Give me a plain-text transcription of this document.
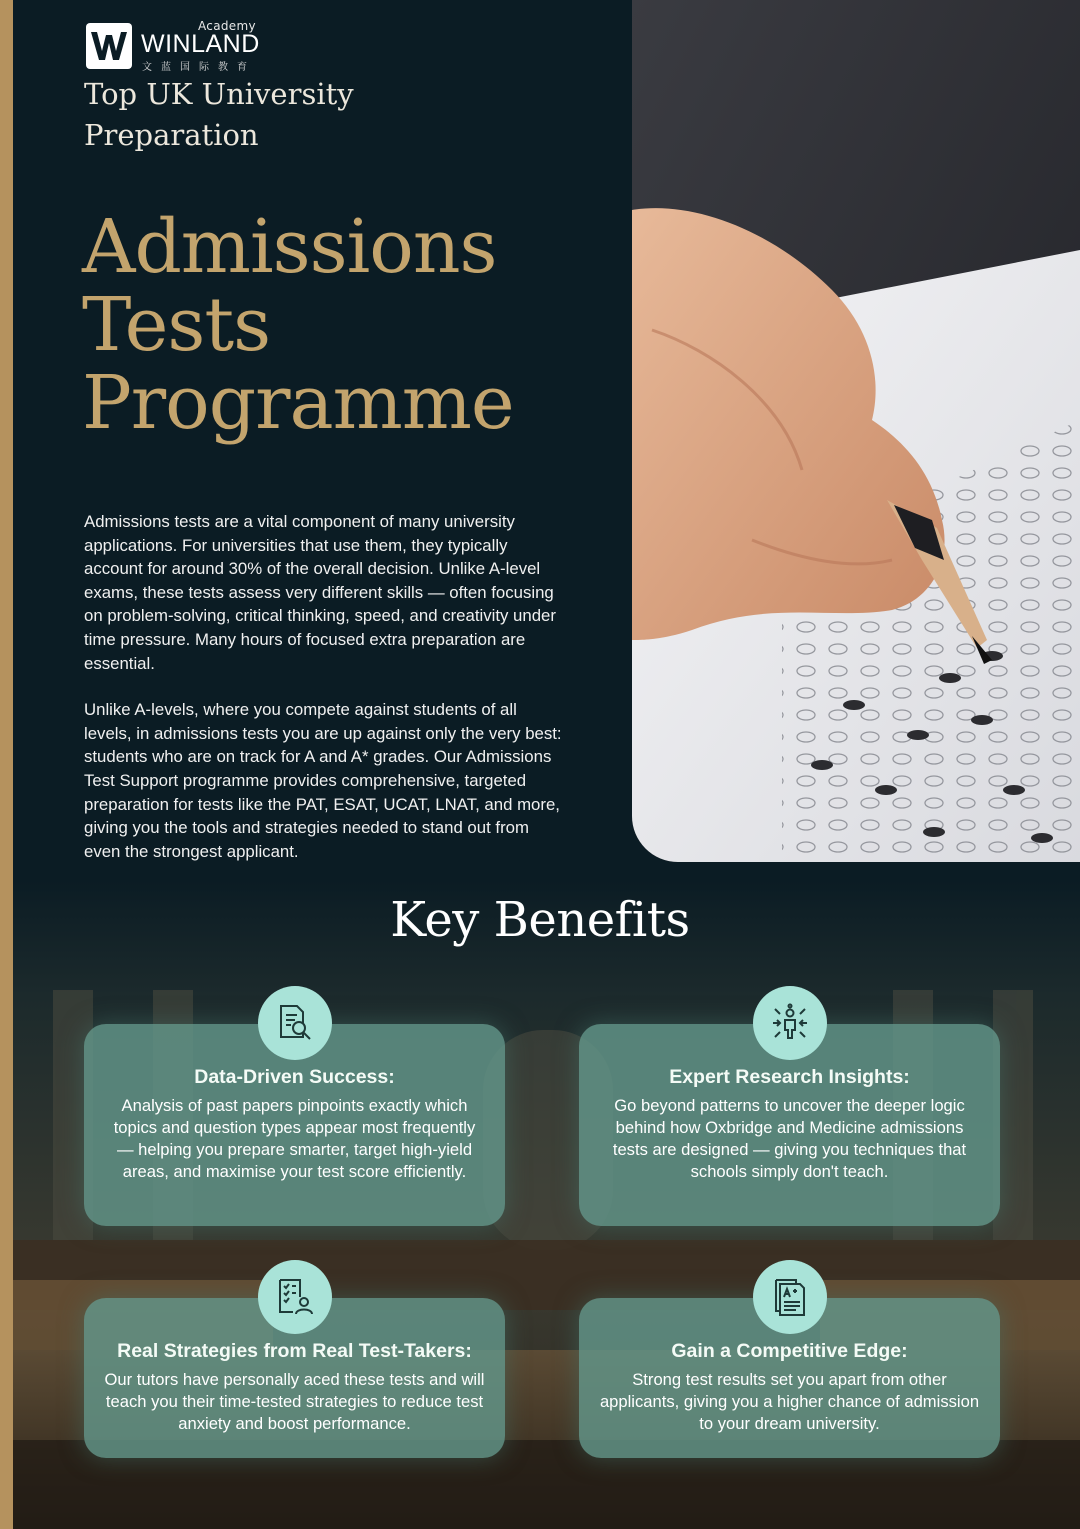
Academy
WINLAND
文蓝国际教育
Top UK University
Preparation
Admissions
Tests
Programme

Admissions tests are a vital component of many university applications. For universities that use them, they typically account for around 30% of the overall decision. Unlike A-level exams, these tests assess very different skills — often focusing on problem-solving, critical thinking, speed, and creativity under time pressure. Many hours of focused extra preparation are essential.

Unlike A-levels, where you compete against students of all levels, in admissions tests you are up against only the very best: students who are on track for A and A* grades. Our Admissions Test Support programme provides comprehensive, targeted preparation for tests like the PAT, ESAT, UCAT, LNAT, and more, giving you the tools and strategies needed to stand out from even the strongest applicant.

Key Benefits
Data-Driven Success:
Analysis of past papers pinpoints exactly which topics and question types appear most frequently — helping you prepare smarter, target high-yield areas, and maximise your test score efficiently.
Expert Research Insights:
Go beyond patterns to uncover the deeper logic behind how Oxbridge and Medicine admissions tests are designed — giving you techniques that schools simply don't teach.
Real Strategies from Real Test-Takers:
Our tutors have personally aced these tests and will teach you their time-tested strategies to reduce test anxiety and boost performance.
Gain a Competitive Edge:
Strong test results set you apart from other applicants, giving you a higher chance of admission to your dream university.
